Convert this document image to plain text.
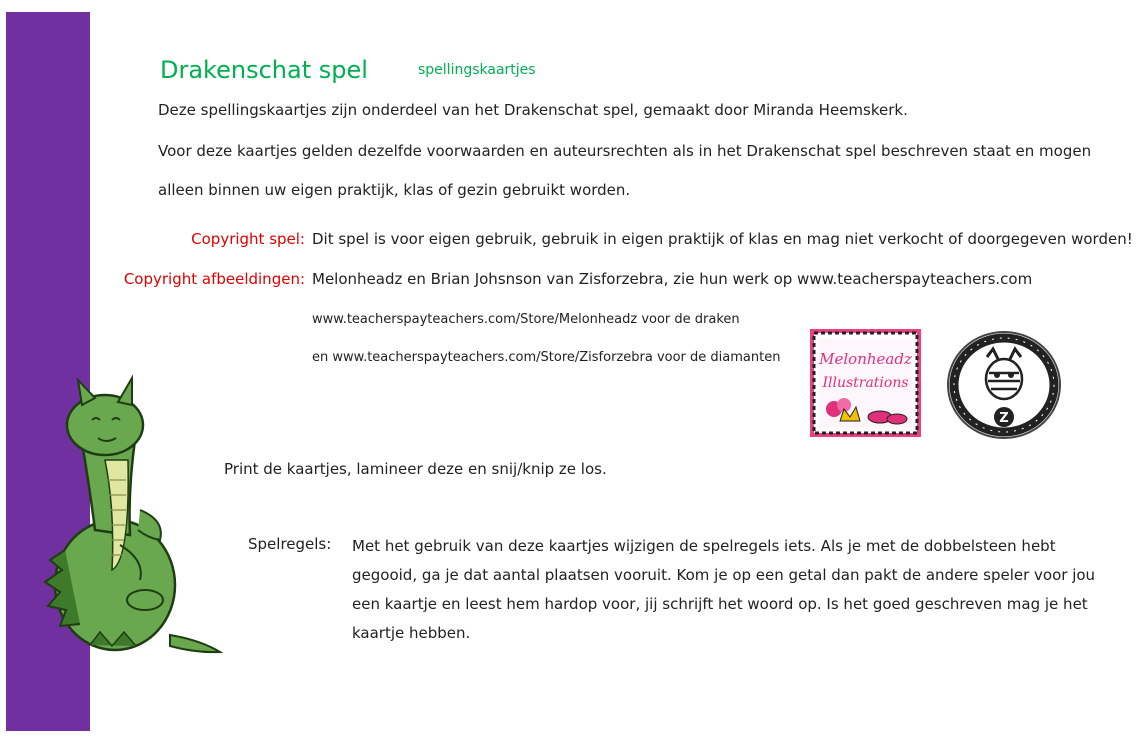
Drakenschat spel	spellingskaartjes
Deze spellingskaartjes zijn onderdeel van het Drakenschat spel, gemaakt door Miranda Heemskerk.
Voor deze kaartjes gelden dezelfde voorwaarden en auteursrechten als in het Drakenschat spel beschreven staat en mogen
alleen binnen uw eigen praktijk, klas of gezin gebruikt worden.
Copyright spel: Dit spel is voor eigen gebruik, gebruik in eigen praktijk of klas en mag niet verkocht of doorgegeven worden!
Copyright afbeeldingen: Melonheadz en Brian Johsnson van Zisforzebra, zie hun werk op www.teacherspayteachers.com
www.teacherspayteachers.com/Store/Melonheadz voor de draken
en www.teacherspayteachers.com/Store/Zisforzebra voor de diamanten	Melonheadz
Illustrations
Z
Print de kaartjes, lamineer deze en snij/knip ze los.
Spelregels: Met het gebruik van deze kaartjes wijzigen de spelregels iets. Als je met de dobbelsteen hebt gegooid, ga je dat aantal plaatsen vooruit. Kom je op een getal dan pakt de andere speler voor jou een kaartje en leest hem hardop voor, jij schrijft het woord op. Is het goed geschreven mag je het kaartje hebben.
